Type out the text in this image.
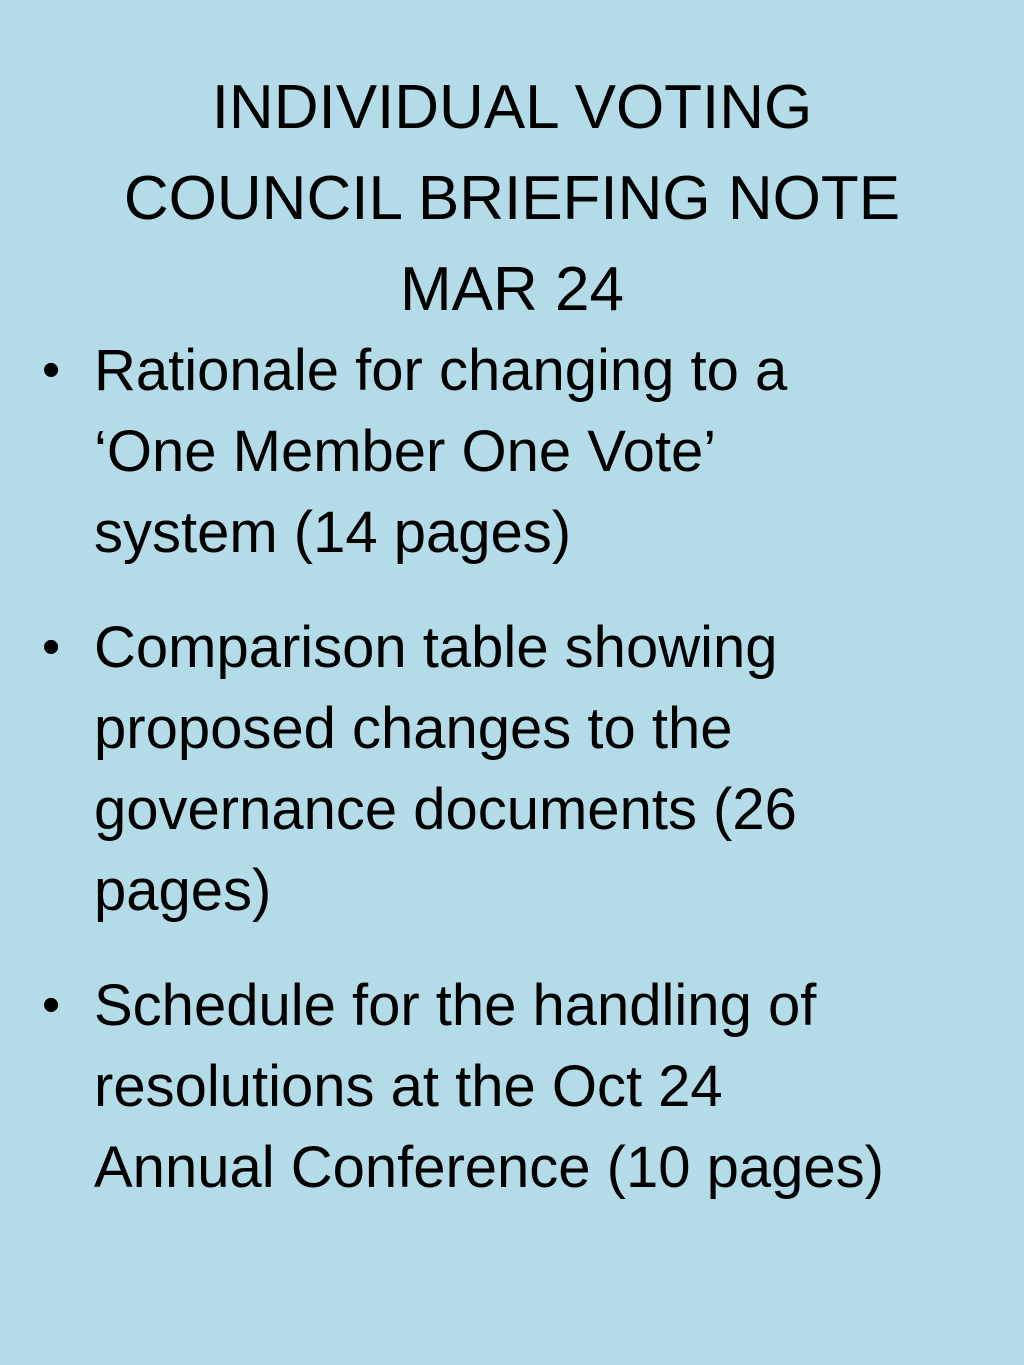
INDIVIDUAL VOTING
COUNCIL BRIEFING NOTE
MAR 24
• Rationale for changing to a
‘One Member One Vote’
system (14 pages)
• Comparison table showing
proposed changes to the
governance documents (26
pages)
• Schedule for the handling of
resolutions at the Oct 24
Annual Conference (10 pages)
